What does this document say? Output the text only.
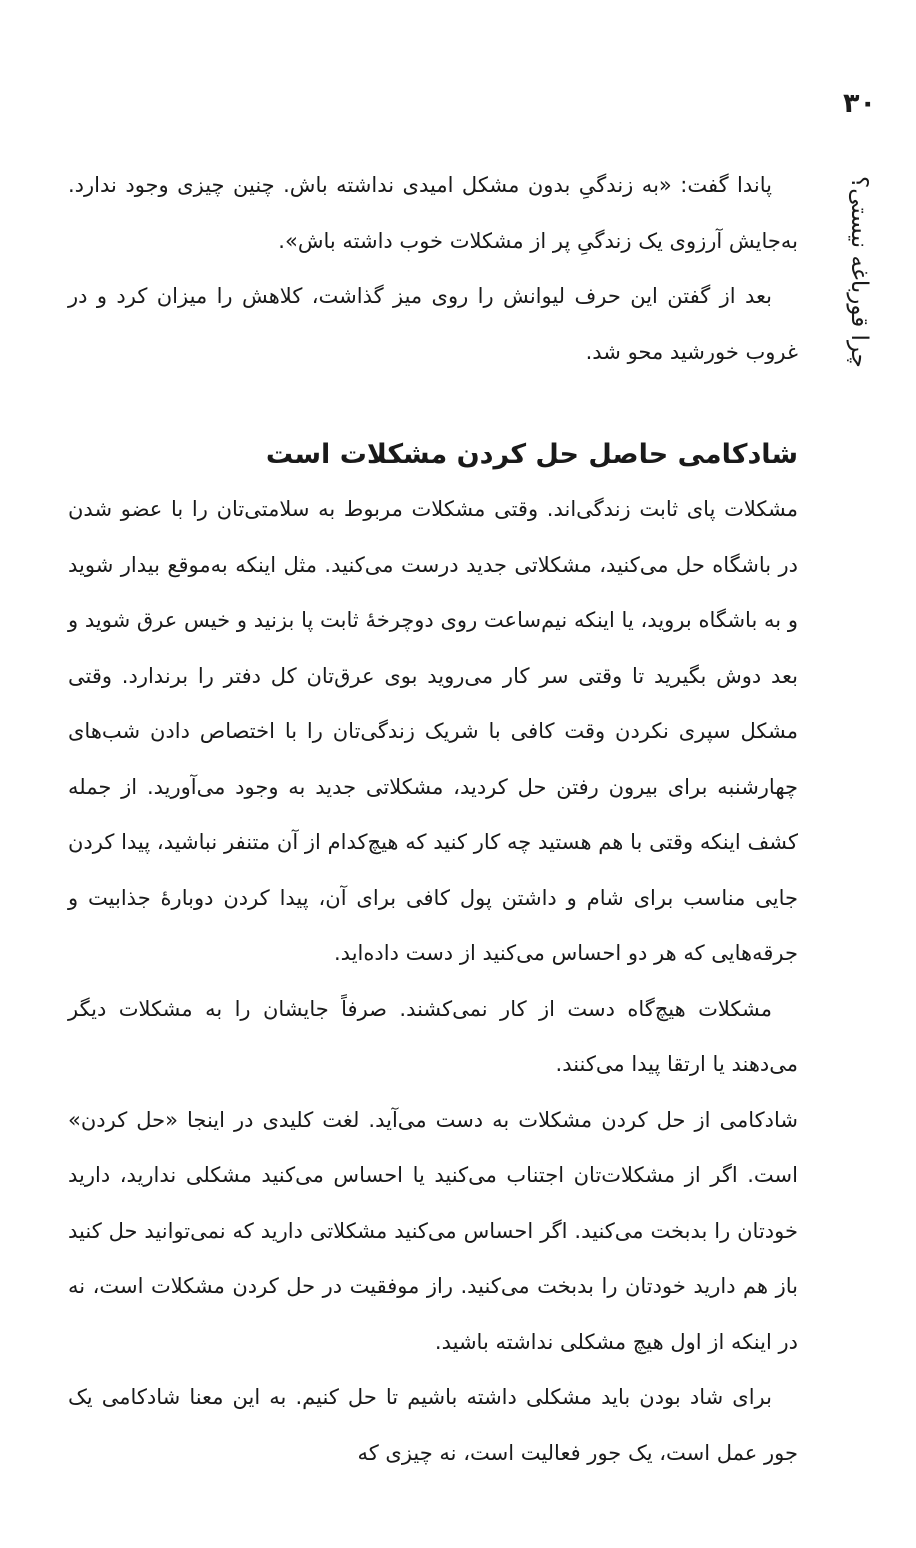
۳۰
چرا قورباغه نیستی؟

پاندا گفت: «به زندگیِ بدون مشکل امیدی نداشته باش. چنین چیزی وجود ندارد. به‌جایش آرزوی یک زندگیِ پر از مشکلات خوب داشته باش».

بعد از گفتن این حرف لیوانش را روی میز گذاشت، کلاهش را میزان کرد و در غروب خورشید محو شد.

شادکامی حاصل حل کردن مشکلات است

مشکلات پای ثابت زندگی‌اند. وقتی مشکلات مربوط به سلامتی‌تان را با عضو شدن در باشگاه حل می‌کنید، مشکلاتی جدید درست می‌کنید. مثل اینکه به‌موقع بیدار شوید و به باشگاه بروید، یا اینکه نیم‌ساعت روی دوچرخهٔ ثابت پا بزنید و خیس عرق شوید و بعد دوش بگیرید تا وقتی سر کار می‌روید بوی عرق‌تان کل دفتر را برندارد. وقتی مشکل سپری نکردن وقت کافی با شریک زندگی‌تان را با اختصاص دادن شب‌های چهارشنبه برای بیرون رفتن حل کردید، مشکلاتی جدید به وجود می‌آورید. از جمله کشف اینکه وقتی با هم هستید چه کار کنید که هیچ‌کدام از آن متنفر نباشید، پیدا کردن جایی مناسب برای شام و داشتن پول کافی برای آن، پیدا کردن دوبارهٔ جذابیت و جرقه‌هایی که هر دو احساس می‌کنید از دست داده‌اید.

مشکلات هیچ‌گاه دست از کار نمی‌کشند. صرفاً جایشان را به مشکلات دیگر می‌دهند یا ارتقا پیدا می‌کنند.

شادکامی از حل کردن مشکلات به دست می‌آید. لغت کلیدی در اینجا «حل کردن» است. اگر از مشکلات‌تان اجتناب می‌کنید یا احساس می‌کنید مشکلی ندارید، دارید خودتان را بدبخت می‌کنید. اگر احساس می‌کنید مشکلاتی دارید که نمی‌توانید حل کنید باز هم دارید خودتان را بدبخت می‌کنید. راز موفقیت در حل کردن مشکلات است، نه در اینکه از اول هیچ مشکلی نداشته باشید.

برای شاد بودن باید مشکلی داشته باشیم تا حل کنیم. به این معنا شادکامی یک جور عمل است، یک جور فعالیت است، نه چیزی که
